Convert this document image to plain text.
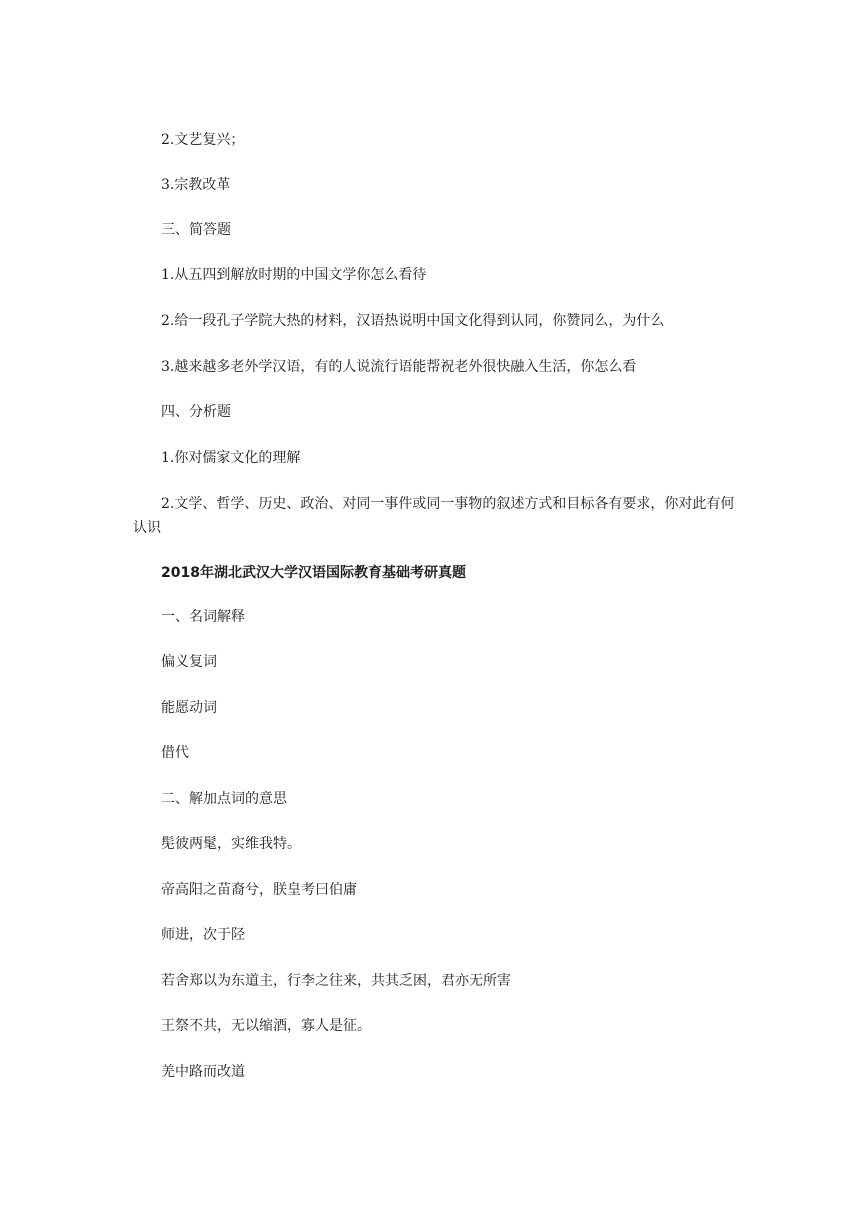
2.文艺复兴；
3.宗教改革
三、简答题
1.从五四到解放时期的中国文学你怎么看待
2.给一段孔子学院大热的材料，汉语热说明中国文化得到认同，你赞同么，为什么
3.越来越多老外学汉语，有的人说流行语能帮祝老外很快融入生活，你怎么看
四、分析题
1.你对儒家文化的理解
2.文学、哲学、历史、政治、对同一事件或同一事物的叙述方式和目标各有要求，你对此有何认识
2018年湖北武汉大学汉语国际教育基础考研真题
一、名词解释
偏义复词
能愿动词
借代
二、解加点词的意思
髧彼两髦，实维我特。
帝高阳之苗裔兮，朕皇考曰伯庸
师进，次于陉
若舍郑以为东道主，行李之往来，共其乏困，君亦无所害
王祭不共，无以缩酒，寡人是征。
羌中路而改道
